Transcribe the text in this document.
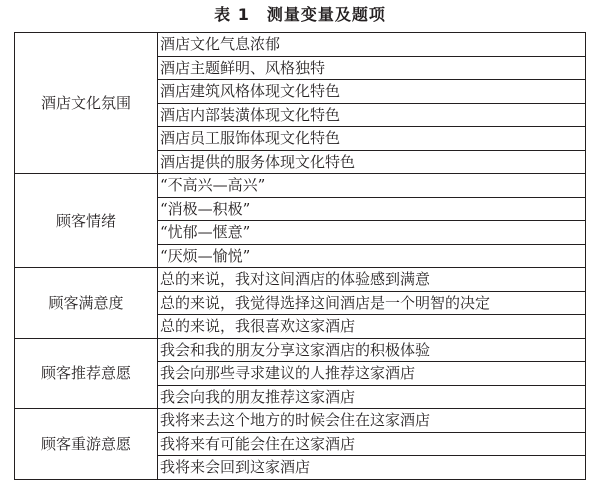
表 1　测量变量及题项
酒店文化氛围	酒店文化气息浓郁
	酒店主题鲜明、风格独特
	酒店建筑风格体现文化特色
	酒店内部装潢体现文化特色
	酒店员工服饰体现文化特色
	酒店提供的服务体现文化特色
顾客情绪	“不高兴—高兴”
	“消极—积极”
	“忧郁—惬意”
	“厌烦—愉悦”
顾客满意度	总的来说，我对这间酒店的体验感到满意
	总的来说，我觉得选择这间酒店是一个明智的决定
	总的来说，我很喜欢这家酒店
顾客推荐意愿	我会和我的朋友分享这家酒店的积极体验
	我会向那些寻求建议的人推荐这家酒店
	我会向我的朋友推荐这家酒店
顾客重游意愿	我将来去这个地方的时候会住在这家酒店
	我将来有可能会住在这家酒店
	我将来会回到这家酒店
